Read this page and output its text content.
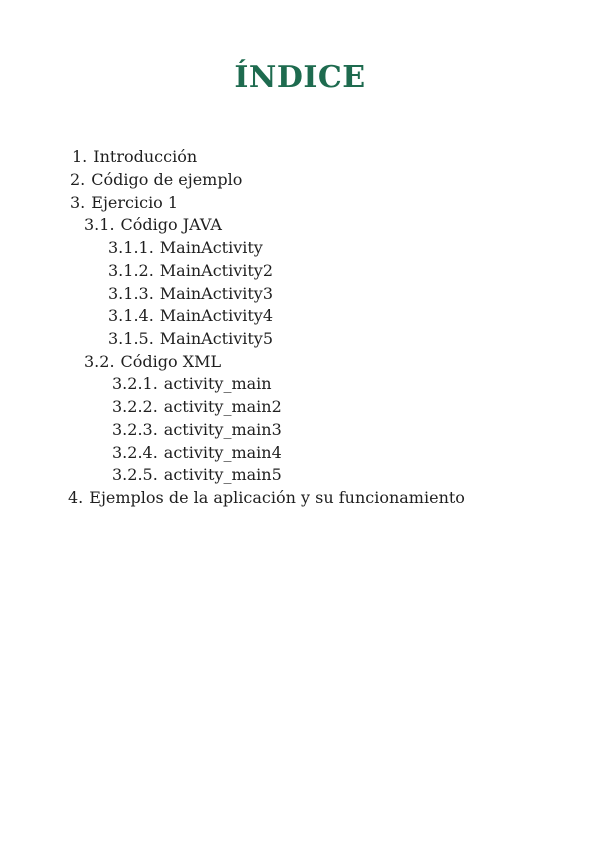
ÍNDICE
1. Introducción
2. Código de ejemplo
3. Ejercicio 1
3.1. Código JAVA
3.1.1. MainActivity
3.1.2. MainActivity2
3.1.3. MainActivity3
3.1.4. MainActivity4
3.1.5. MainActivity5
3.2. Código XML
3.2.1. activity_main
3.2.2. activity_main2
3.2.3. activity_main3
3.2.4. activity_main4
3.2.5. activity_main5
4. Ejemplos de la aplicación y su funcionamiento
